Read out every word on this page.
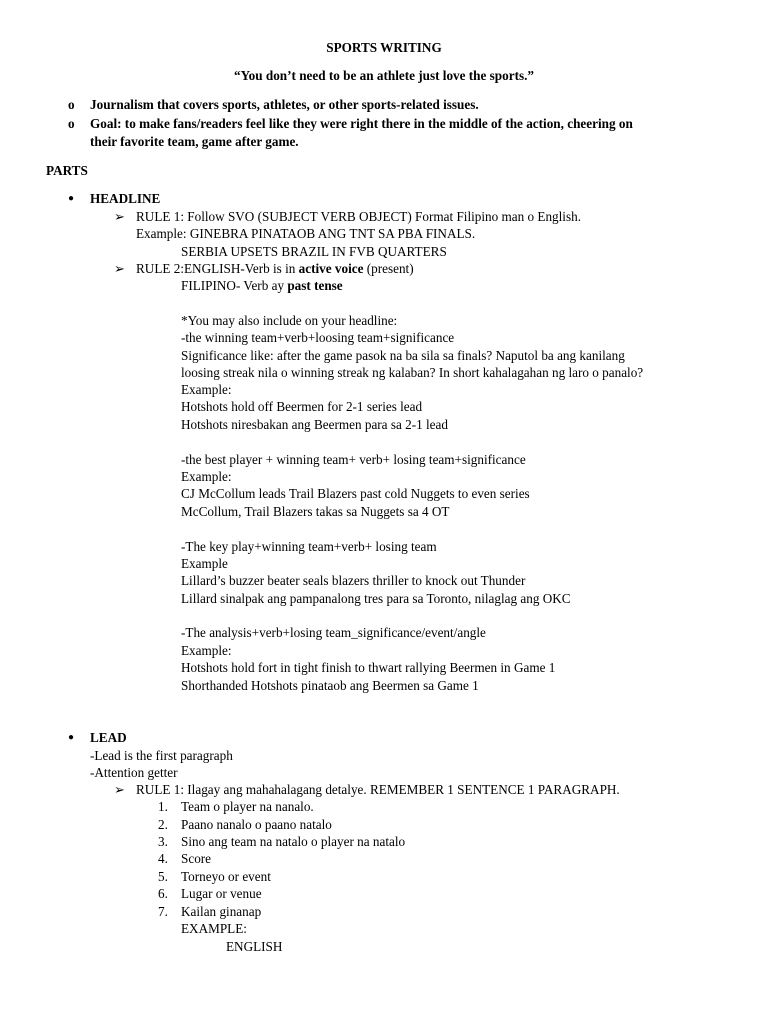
SPORTS WRITING
“You don’t need to be an athlete just love the sports.”
o Journalism that covers sports, athletes, or other sports-related issues.
o Goal: to make fans/readers feel like they were right there in the middle of the action, cheering on
their favorite team, game after game.
PARTS
● HEADLINE
➢ RULE 1: Follow SVO (SUBJECT VERB OBJECT) Format Filipino man o English.
Example: GINEBRA PINATAOB ANG TNT SA PBA FINALS.
SERBIA UPSETS BRAZIL IN FVB QUARTERS
➢ RULE 2:ENGLISH-Verb is in active voice (present)
FILIPINO- Verb ay past tense
*You may also include on your headline:
-the winning team+verb+loosing team+significance
Significance like: after the game pasok na ba sila sa finals? Naputol ba ang kanilang
loosing streak nila o winning streak ng kalaban? In short kahalagahan ng laro o panalo?
Example:
Hotshots hold off Beermen for 2-1 series lead
Hotshots niresbakan ang Beermen para sa 2-1 lead
-the best player + winning team+ verb+ losing team+significance
Example:
CJ McCollum leads Trail Blazers past cold Nuggets to even series
McCollum, Trail Blazers takas sa Nuggets sa 4 OT
-The key play+winning team+verb+ losing team
Example
Lillard’s buzzer beater seals blazers thriller to knock out Thunder
Lillard sinalpak ang pampanalong tres para sa Toronto, nilaglag ang OKC
-The analysis+verb+losing team_significance/event/angle
Example:
Hotshots hold fort in tight finish to thwart rallying Beermen in Game 1
Shorthanded Hotshots pinataob ang Beermen sa Game 1
● LEAD
-Lead is the first paragraph
-Attention getter
➢ RULE 1: Ilagay ang mahahalagang detalye. REMEMBER 1 SENTENCE 1 PARAGRAPH.
1. Team o player na nanalo.
2. Paano nanalo o paano natalo
3. Sino ang team na natalo o player na natalo
4. Score
5. Torneyo or event
6. Lugar or venue
7. Kailan ginanap
EXAMPLE:
ENGLISH
